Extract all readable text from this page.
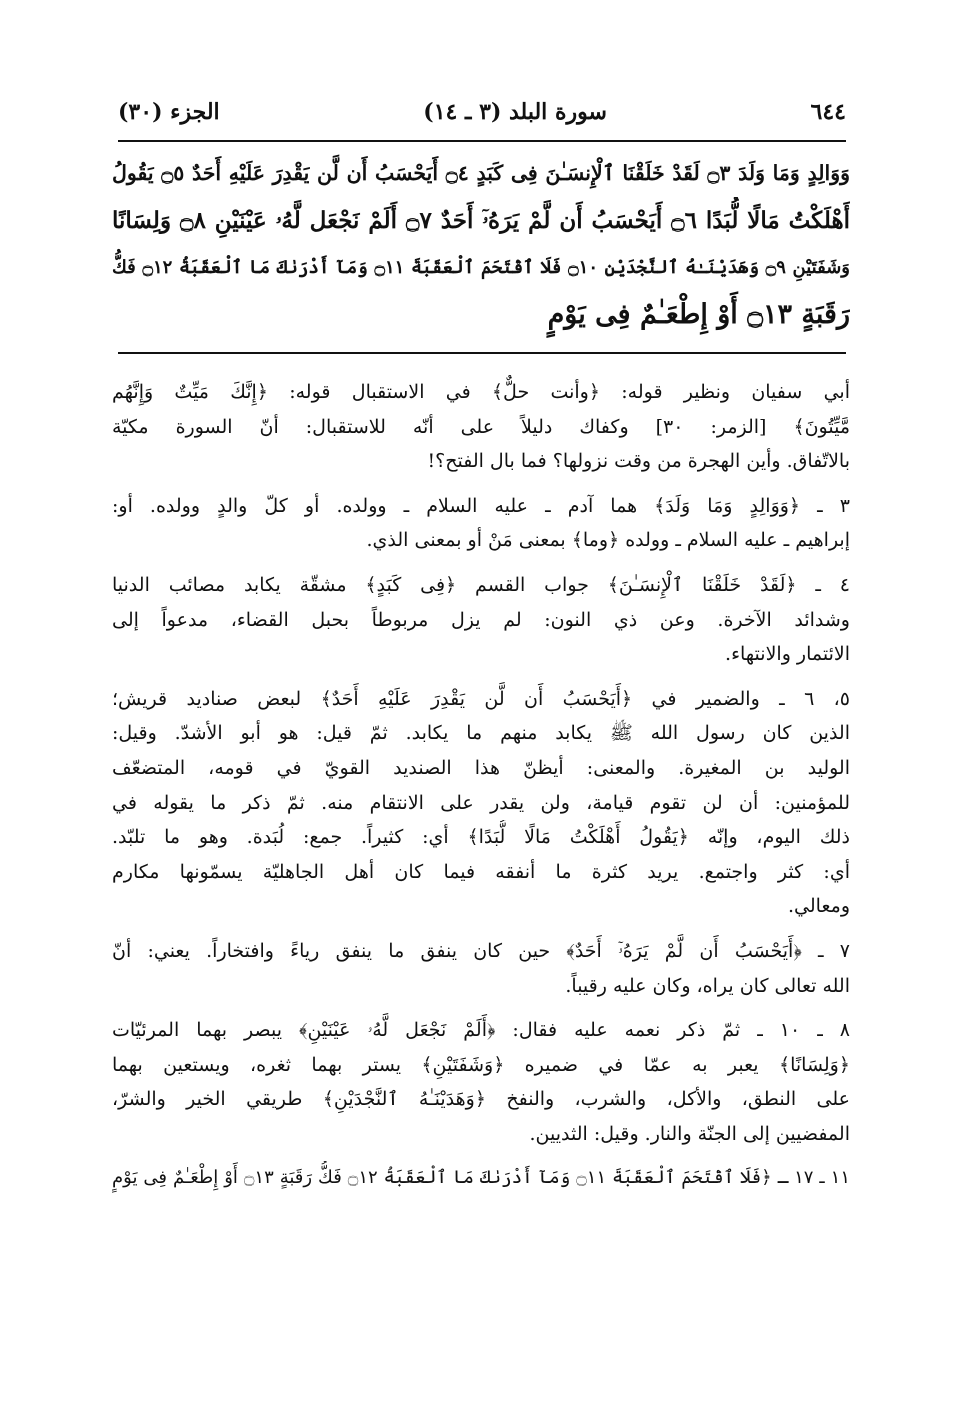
٦٤٤
سورة البلد (٣ ـ ١٤)
الجزء (٣٠)
وَوَالِدٍ وَمَا وَلَدَ ۝٣ لَقَدْ خَلَقْنَا ٱلْإِنسَـٰنَ فِى كَبَدٍ ۝٤ أَيَحْسَبُ أَن لَّن يَقْدِرَ عَلَيْهِ أَحَدٌ ۝٥ يَقُولُ
أَهْلَكْتُ مَالًا لُّبَدًا ۝٦ أَيَحْسَبُ أَن لَّمْ يَرَهُۥٓ أَحَدٌ ۝٧ أَلَمْ نَجْعَل لَّهُۥ عَيْنَيْنِ ۝٨ وَلِسَانًا
وَشَفَتَيْنِ ۝٩ وَهَدَيْنَـٰهُ ٱلنَّجْدَيْنِ ۝١٠ فَلَا ٱقْتَحَمَ ٱلْعَقَبَةَ ۝١١ وَمَآ أَدْرَىٰكَ مَا ٱلْعَقَبَةُ ۝١٢ فَكُّ
رَقَبَةٍ ۝١٣ أَوْ إِطْعَـٰمٌ فِى يَوْمٍ
أبي سفيان ونظير قوله: ﴿وأنت حلٌّ﴾ في الاستقبال قوله: ﴿إِنَّكَ مَيِّتٌ وَإِنَّهُم
مَّيِّتُونَ﴾ [الزمر: ٣٠] وكفاك دليلاً على أنّه للاستقبال: أنّ السورة مكيّة
بالاتّفاق. وأين الهجرة من وقت نزولها؟ فما بال الفتح؟!
٣ ـ ﴿وَوَالِدٍ وَمَا وَلَدَ﴾ هما آدم ـ عليه السلام ـ وولده. أو كلّ والدٍ وولده. أو:
إبراهيم ـ عليه السلام ـ وولده ﴿وما﴾ بمعنى مَنْ أو بمعنى الذي.
٤ ـ ﴿لَقَدْ خَلَقْنَا ٱلْإِنسَـٰنَ﴾ جواب القسم ﴿فِى كَبَدٍ﴾ مشقّة يكابد مصائب الدنيا
وشدائد الآخرة. وعن ذي النون: لم يزل مربوطاً بحبل القضاء، مدعواً إلى
الائتمار والانتهاء.
٥، ٦ ـ والضمير في ﴿أَيَحْسَبُ أَن لَّن يَقْدِرَ عَلَيْهِ أَحَدٌ﴾ لبعض صناديد قريش؛
الذين كان رسول الله ﷺ يكابد منهم ما يكابد. ثمّ قيل: هو أبو الأشدّ. وقيل:
الوليد بن المغيرة. والمعنى: أيظنّ هذا الصنديد القويّ في قومه، المتضعّف
للمؤمنين: أن لن تقوم قيامة، ولن يقدر على الانتقام منه. ثمّ ذكر ما يقوله في
ذلك اليوم، وإنّه ﴿يَقُولُ أَهْلَكْتُ مَالًا لُّبَدًا﴾ أي: كثيراً. جمع: لُبَدة. وهو ما تلبّد.
أي: كثر واجتمع. يريد كثرة ما أنفقه فيما كان أهل الجاهليّة يسمّونها مكارم
ومعالي.
٧ ـ ﴿أَيَحْسَبُ أَن لَّمْ يَرَهُۥٓ أَحَدٌ﴾ حين كان ينفق ما ينفق رياءً وافتخاراً. يعني: أنّ
الله تعالى كان يراه، وكان عليه رقيباً.
٨ ـ ١٠ ـ ثمّ ذكر نعمه عليه فقال: ﴿أَلَمْ نَجْعَل لَّهُۥ عَيْنَيْنِ﴾ يبصر بهما المرئيّات
﴿وَلِسَانًا﴾ يعبر به عمّا في ضميره ﴿وَشَفَتَيْنِ﴾ يستر بهما ثغره، ويستعين بهما
على النطق، والأكل، والشرب، والنفخ ﴿وَهَدَيْنَـٰهُ ٱلنَّجْدَيْنِ﴾ طريقي الخير والشرّ،
المفضيين إلى الجنّة والنار. وقيل: الثديين.
١١ ـ ١٧ ـ ﴿فَلَا ٱقْتَحَمَ ٱلْعَقَبَةَ ۝١١ وَمَآ أَدْرَىٰكَ مَا ٱلْعَقَبَةُ ۝١٢ فَكُّ رَقَبَةٍ ۝١٣ أَوْ إِطْعَـٰمٌ فِى يَوْمٍ
